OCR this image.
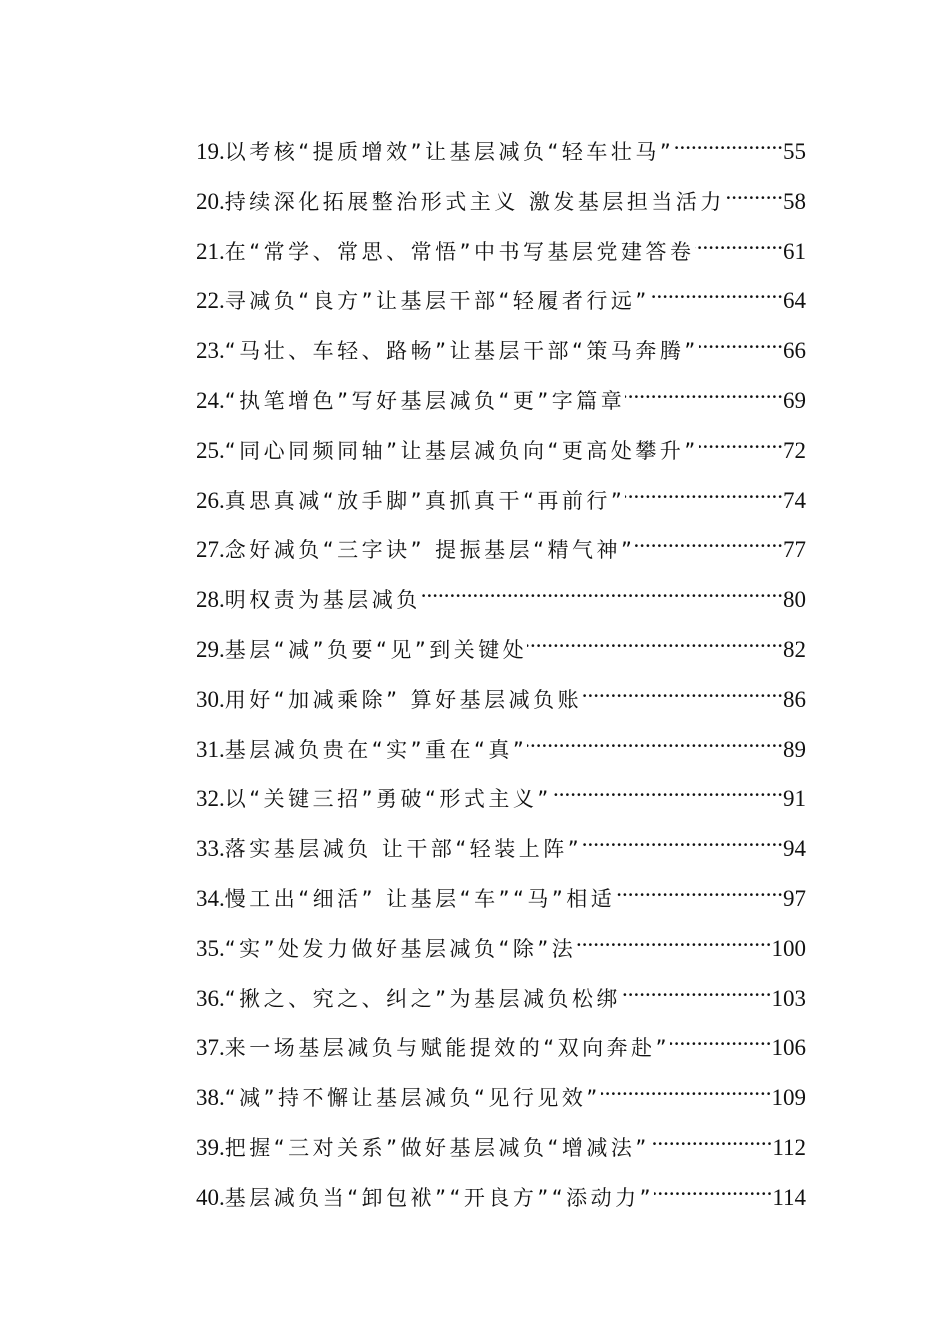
19. 以考核“提质增效”让基层减负“轻车壮马” .....	55
20. 持续深化拓展整治形式主义 激发基层担当活力 .....	58
21. 在“常学、常思、常悟”中书写基层党建答卷 .....	61
22. 寻减负“良方”让基层干部“轻履者行远” .....	64
23. “马壮、车轻、路畅”让基层干部“策马奔腾” .....	66
24. “执笔增色”写好基层减负“更”字篇章 .....	69
25. “同心同频同轴”让基层减负向“更高处攀升” .....	72
26. 真思真减“放手脚”真抓真干“再前行” .....	74
27. 念好减负“三字诀” 提振基层“精气神” .....	77
28. 明权责为基层减负 .....	80
29. 基层“减”负要“见”到关键处 .....	82
30. 用好“加减乘除” 算好基层减负账 .....	86
31. 基层减负贵在“实”重在“真” .....	89
32. 以“关键三招”勇破“形式主义” .....	91
33. 落实基层减负 让干部“轻装上阵” .....	94
34. 慢工出“细活” 让基层“车”“马”相适 .....	97
35. “实”处发力做好基层减负“除”法 .....	100
36. “揪之、究之、纠之”为基层减负松绑 .....	103
37. 来一场基层减负与赋能提效的“双向奔赴” .....	106
38. “减”持不懈让基层减负“见行见效” .....	109
39. 把握“三对关系”做好基层减负“增减法” .....	112
40. 基层减负当“卸包袱”“开良方”“添动力” .....	114
